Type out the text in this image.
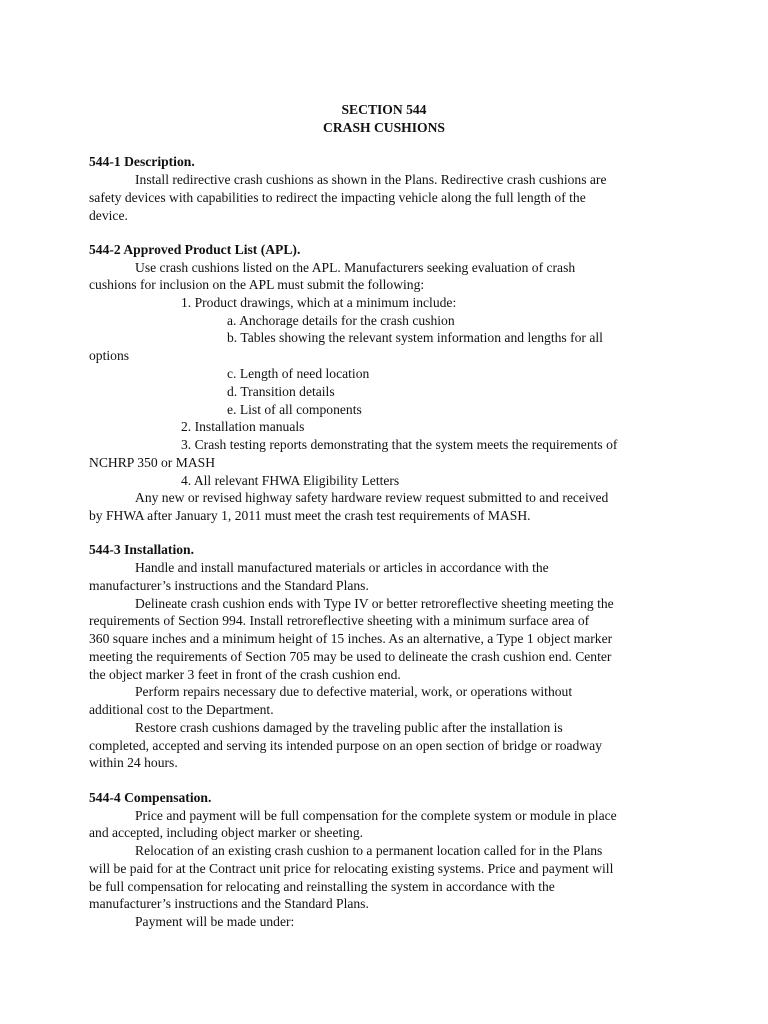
SECTION 544

CRASH CUSHIONS

544-1 Description.

Install redirective crash cushions as shown in the Plans. Redirective crash cushions are

safety devices with capabilities to redirect the impacting vehicle along the full length of the

device.

544-2 Approved Product List (APL).

Use crash cushions listed on the APL. Manufacturers seeking evaluation of crash

cushions for inclusion on the APL must submit the following:

1. Product drawings, which at a minimum include:

a. Anchorage details for the crash cushion

b. Tables showing the relevant system information and lengths for all

options

c. Length of need location

d. Transition details

e. List of all components

2. Installation manuals

3. Crash testing reports demonstrating that the system meets the requirements of

NCHRP 350 or MASH

4. All relevant FHWA Eligibility Letters

Any new or revised highway safety hardware review request submitted to and received

by FHWA after January 1, 2011 must meet the crash test requirements of MASH.

544-3 Installation.

Handle and install manufactured materials or articles in accordance with the

manufacturer’s instructions and the Standard Plans.

Delineate crash cushion ends with Type IV or better retroreflective sheeting meeting the

requirements of Section 994. Install retroreflective sheeting with a minimum surface area of

360 square inches and a minimum height of 15 inches. As an alternative, a Type 1 object marker

meeting the requirements of Section 705 may be used to delineate the crash cushion end. Center

the object marker 3 feet in front of the crash cushion end.

Perform repairs necessary due to defective material, work, or operations without

additional cost to the Department.

Restore crash cushions damaged by the traveling public after the installation is

completed, accepted and serving its intended purpose on an open section of bridge or roadway

within 24 hours.

544-4 Compensation.

Price and payment will be full compensation for the complete system or module in place

and accepted, including object marker or sheeting.

Relocation of an existing crash cushion to a permanent location called for in the Plans

will be paid for at the Contract unit price for relocating existing systems. Price and payment will

be full compensation for relocating and reinstalling the system in accordance with the

manufacturer’s instructions and the Standard Plans.

Payment will be made under:
